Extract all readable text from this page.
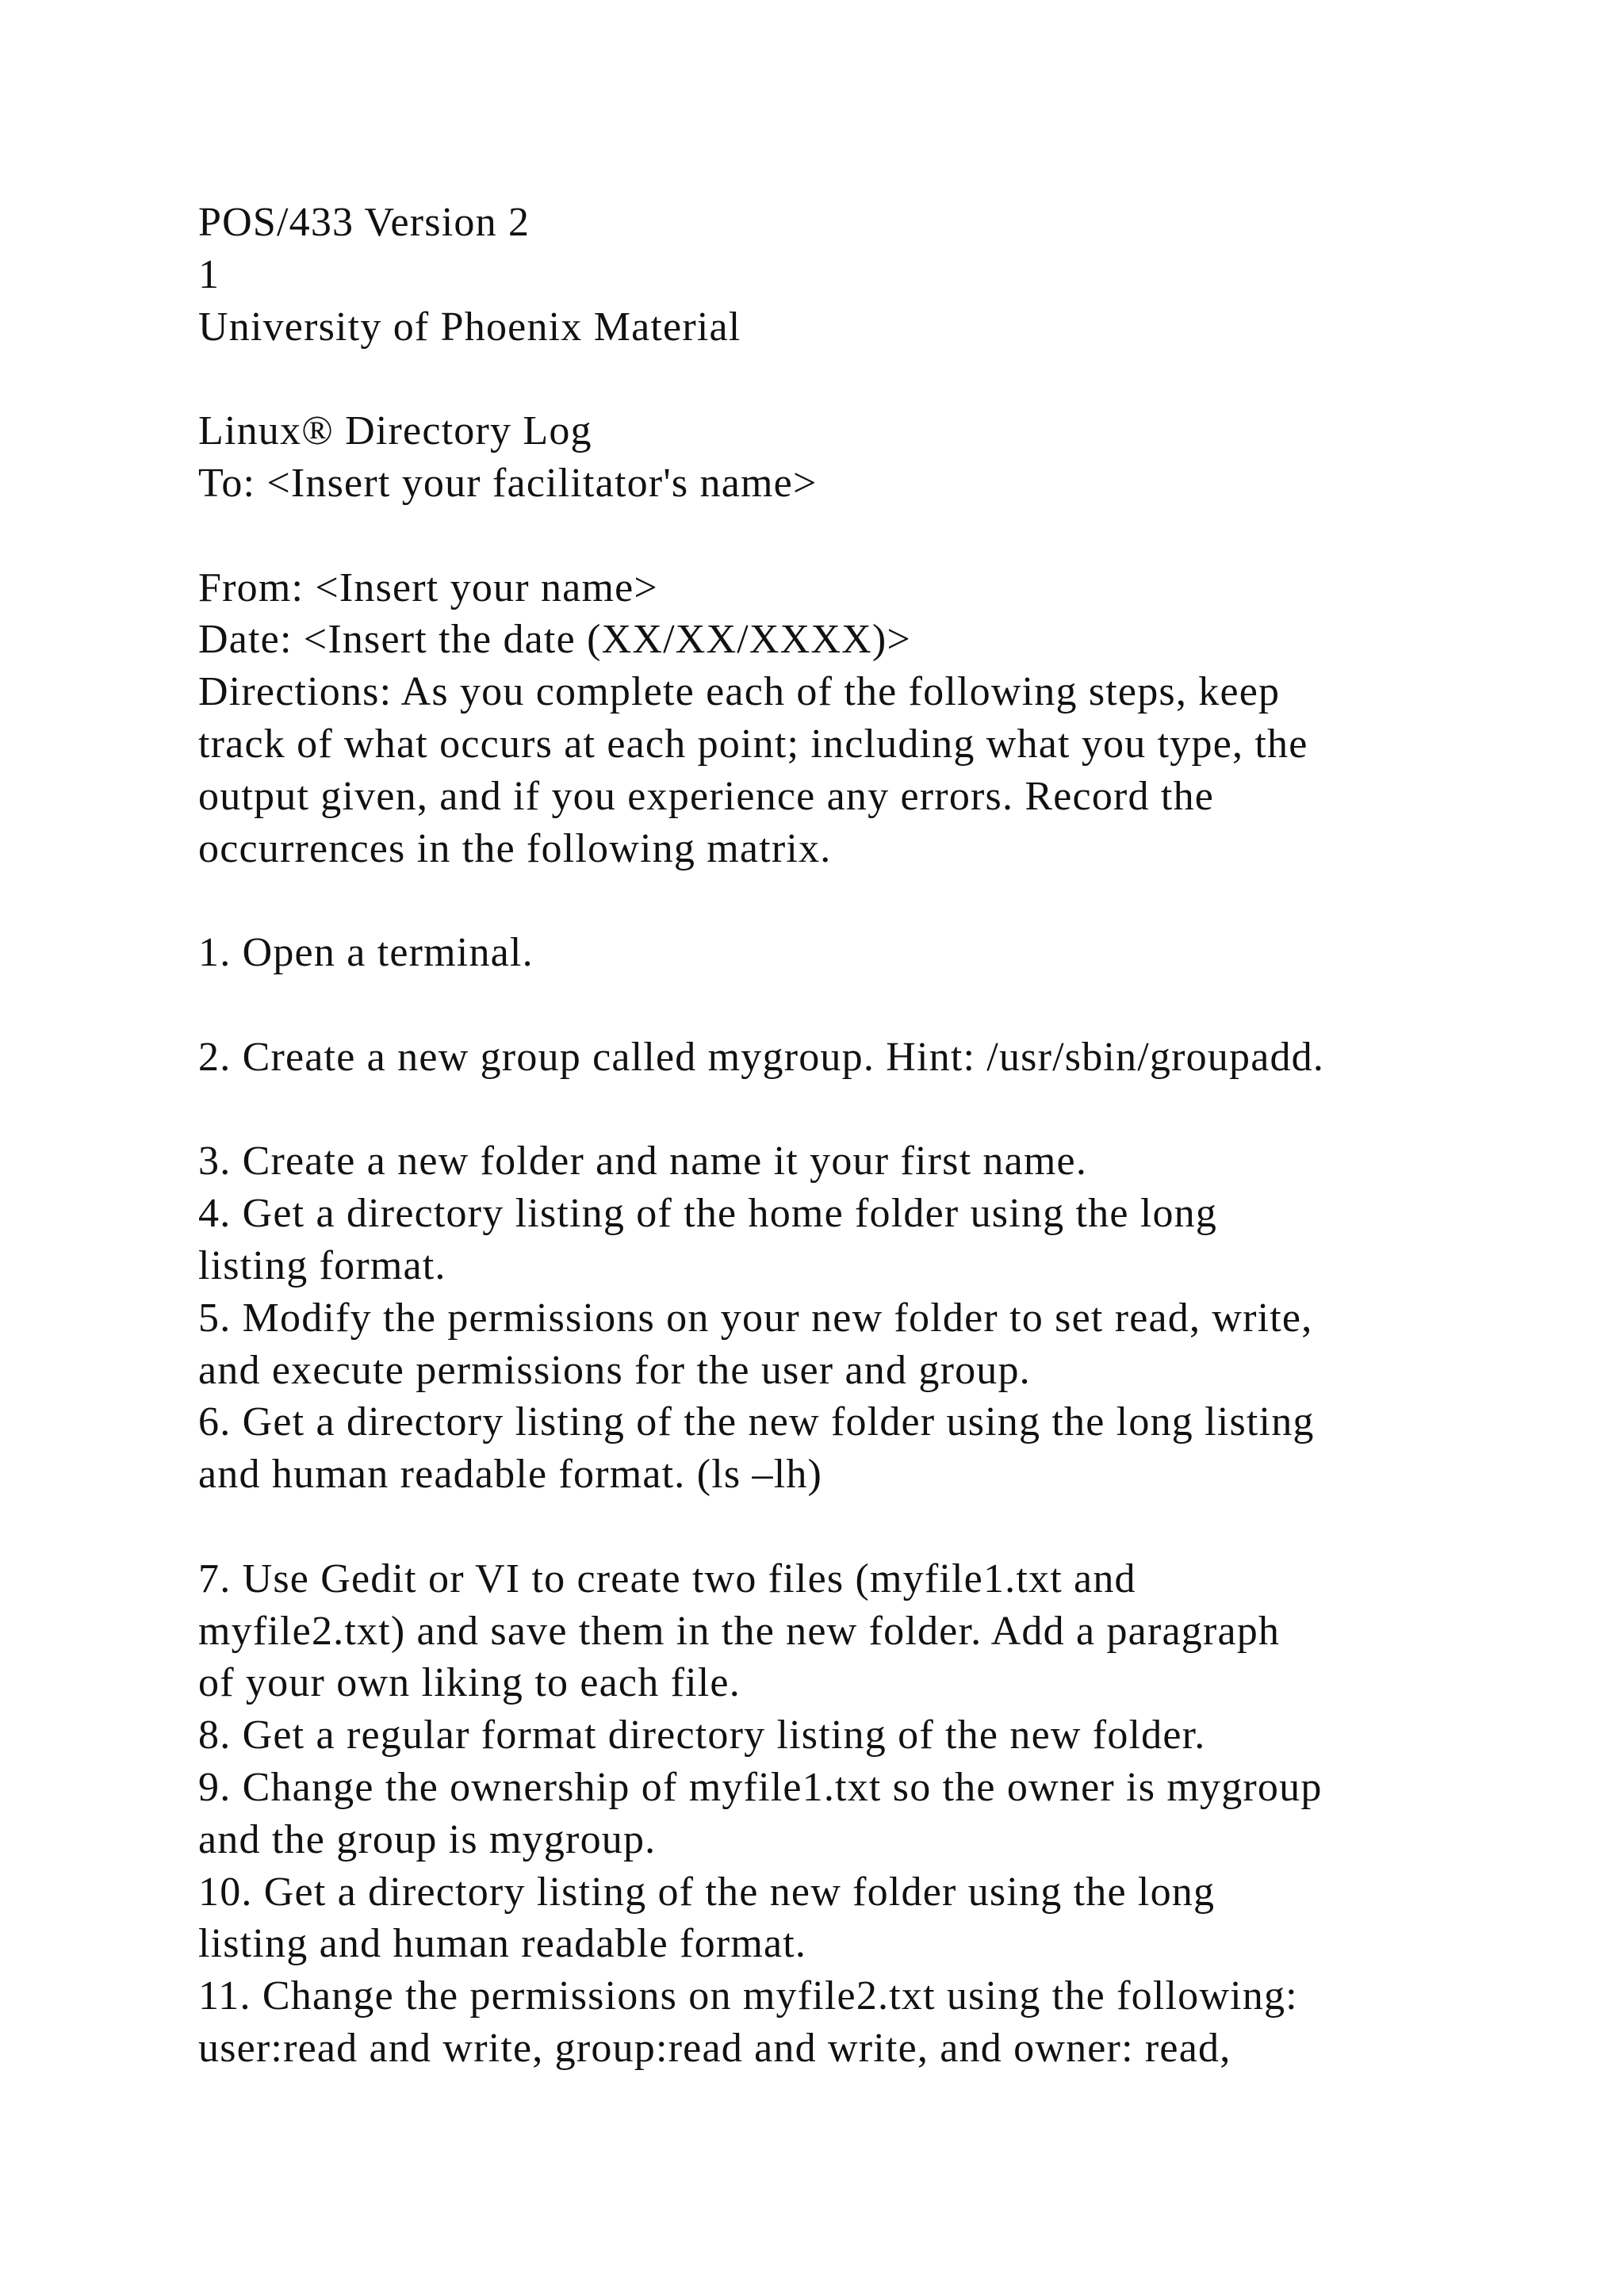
POS/433 Version 2
1
University of Phoenix Material
Linux® Directory Log
To: <Insert your facilitator's name>
From: <Insert your name>
Date: <Insert the date (XX/XX/XXXX)>
Directions: As you complete each of the following steps, keep
track of what occurs at each point; including what you type, the
output given, and if you experience any errors. Record the
occurrences in the following matrix.
1. Open a terminal.
2. Create a new group called mygroup. Hint: /usr/sbin/groupadd.
3. Create a new folder and name it your first name.
4. Get a directory listing of the home folder using the long
listing format.
5. Modify the permissions on your new folder to set read, write,
and execute permissions for the user and group.
6. Get a directory listing of the new folder using the long listing
and human readable format. (ls –lh)
7. Use Gedit or VI to create two files (myfile1.txt and
myfile2.txt) and save them in the new folder. Add a paragraph
of your own liking to each file.
8. Get a regular format directory listing of the new folder.
9. Change the ownership of myfile1.txt so the owner is mygroup
and the group is mygroup.
10. Get a directory listing of the new folder using the long
listing and human readable format.
11. Change the permissions on myfile2.txt using the following:
user:read and write, group:read and write, and owner: read,
